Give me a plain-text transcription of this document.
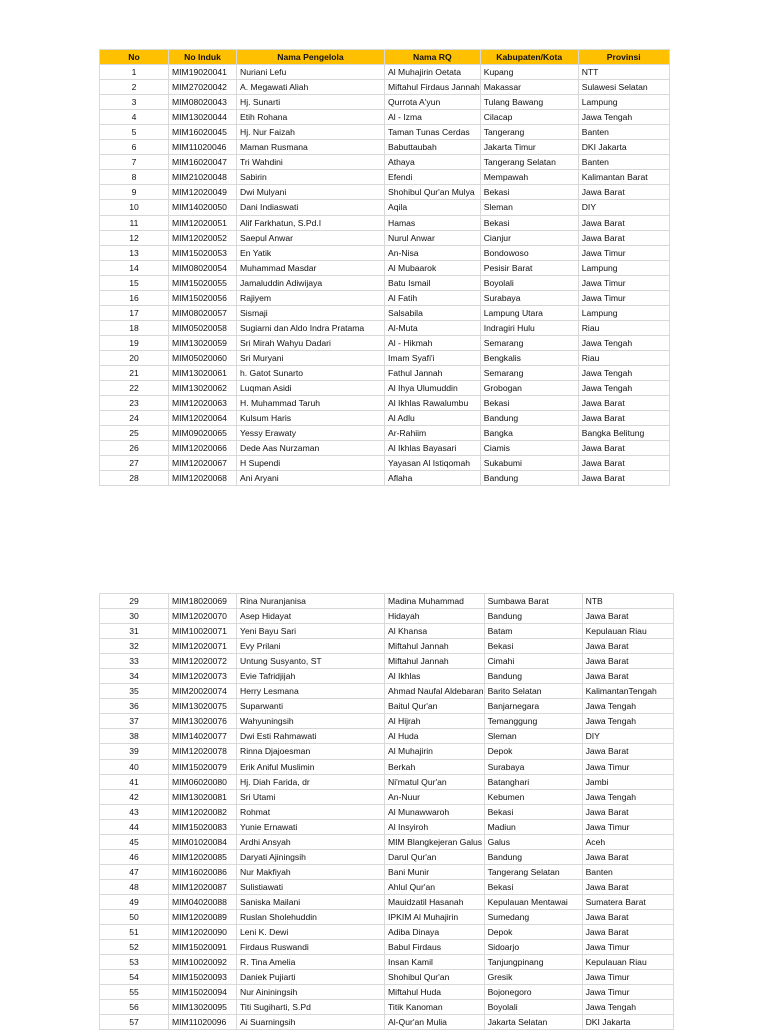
No	No Induk	Nama Pengelola	Nama RQ	Kabupaten/Kota	Provinsi
1	MIM19020041	Nuriani Lefu	Al Muhajirin Oetata	Kupang	NTT
2	MIM27020042	A. Megawati Aliah	Miftahul Firdaus Jannah	Makassar	Sulawesi Selatan
3	MIM08020043	Hj. Sunarti	Qurrota A'yun	Tulang Bawang	Lampung
4	MIM13020044	Etih Rohana	Al - Izma	Cilacap	Jawa Tengah
5	MIM16020045	Hj. Nur Faizah	Taman Tunas Cerdas	Tangerang	Banten
6	MIM11020046	Maman Rusmana	Babuttaubah	Jakarta Timur	DKI Jakarta
7	MIM16020047	Tri Wahdini	Athaya	Tangerang Selatan	Banten
8	MIM21020048	Sabirin	Efendi	Mempawah	Kalimantan Barat
9	MIM12020049	Dwi Mulyani	Shohibul Qur'an Mulya	Bekasi	Jawa Barat
10	MIM14020050	Dani Indiaswati	Aqila	Sleman	DIY
11	MIM12020051	Alif Farkhatun, S.Pd.I	Hamas	Bekasi	Jawa Barat
12	MIM12020052	Saepul Anwar	Nurul Anwar	Cianjur	Jawa Barat
13	MIM15020053	En Yatik	An-Nisa	Bondowoso	Jawa Timur
14	MIM08020054	Muhammad Masdar	Al Mubaarok	Pesisir Barat	Lampung
15	MIM15020055	Jamaluddin Adiwijaya	Batu Ismail	Boyolali	Jawa Timur
16	MIM15020056	Rajiyem	Al Fatih	Surabaya	Jawa Timur
17	MIM08020057	Sismaji	Salsabila	Lampung Utara	Lampung
18	MIM05020058	Sugiarni dan Aldo Indra Pratama	Al-Muta	Indragiri Hulu	Riau
19	MIM13020059	Sri Mirah Wahyu Dadari	Al - Hikmah	Semarang	Jawa Tengah
20	MIM05020060	Sri Muryani	Imam Syafi'i	Bengkalis	Riau
21	MIM13020061	h. Gatot Sunarto	Fathul Jannah	Semarang	Jawa Tengah
22	MIM13020062	Luqman Asidi	Al Ihya Ulumuddin	Grobogan	Jawa Tengah
23	MIM12020063	H. Muhammad Taruh	Al Ikhlas Rawalumbu	Bekasi	Jawa Barat
24	MIM12020064	Kulsum Haris	Al Adlu	Bandung	Jawa Barat
25	MIM09020065	Yessy Erawaty	Ar-Rahiim	Bangka	Bangka Belitung
26	MIM12020066	Dede Aas Nurzaman	Al Ikhlas Bayasari	Ciamis	Jawa Barat
27	MIM12020067	H Supendi	Yayasan Al Istiqomah	Sukabumi	Jawa Barat
28	MIM12020068	Ani Aryani	Aflaha	Bandung	Jawa Barat
29	MIM18020069	Rina Nuranjanisa	Madina Muhammad	Sumbawa Barat	NTB
30	MIM12020070	Asep Hidayat	Hidayah	Bandung	Jawa Barat
31	MIM10020071	Yeni Bayu Sari	Al Khansa	Batam	Kepulauan Riau
32	MIM12020071	Evy Prilani	Miftahul Jannah	Bekasi	Jawa Barat
33	MIM12020072	Untung Susyanto, ST	Miftahul Jannah	Cimahi	Jawa Barat
34	MIM12020073	Evie Tafridjijah	Al Ikhlas	Bandung	Jawa Barat
35	MIM20020074	Herry Lesmana	Ahmad Naufal Aldebaran	Barito Selatan	KalimantanTengah
36	MIM13020075	Suparwanti	Baitul Qur'an	Banjarnegara	Jawa Tengah
37	MIM13020076	Wahyuningsih	Al Hijrah	Temanggung	Jawa Tengah
38	MIM14020077	Dwi Esti Rahmawati	Al Huda	Sleman	DIY
39	MIM12020078	Rinna Djajoesman	Al Muhajirin	Depok	Jawa Barat
40	MIM15020079	Erik Aniful Muslimin	Berkah	Surabaya	Jawa Timur
41	MIM06020080	Hj. Diah Farida, dr	Ni'matul Qur'an	Batanghari	Jambi
42	MIM13020081	Sri Utami	An-Nuur	Kebumen	Jawa Tengah
43	MIM12020082	Rohmat	Al Munawwaroh	Bekasi	Jawa Barat
44	MIM15020083	Yunie Ernawati	Al Insyiroh	Madiun	Jawa Timur
45	MIM01020084	Ardhi Ansyah	MIM Blangkejeran Galus	Galus	Aceh
46	MIM12020085	Daryati Ajiningsih	Darul Qur'an	Bandung	Jawa Barat
47	MIM16020086	Nur Makfiyah	Bani Munir	Tangerang Selatan	Banten
48	MIM12020087	Sulistiawati	Ahlul Qur'an	Bekasi	Jawa Barat
49	MIM04020088	Saniska Mailani	Mauidzatil Hasanah	Kepulauan Mentawai	Sumatera Barat
50	MIM12020089	Ruslan Sholehuddin	IPKIM Al Muhajirin	Sumedang	Jawa Barat
51	MIM12020090	Leni K. Dewi	Adiba Dinaya	Depok	Jawa Barat
52	MIM15020091	Firdaus Ruswandi	Babul Firdaus	Sidoarjo	Jawa Timur
53	MIM10020092	R. Tina Amelia	Insan Kamil	Tanjungpinang	Kepulauan Riau
54	MIM15020093	Daniek Pujiarti	Shohibul Qur'an	Gresik	Jawa Timur
55	MIM15020094	Nur Aininingsih	Miftahul Huda	Bojonegoro	Jawa Timur
56	MIM13020095	Titi Sugiharti, S.Pd	Titik Kanoman	Boyolali	Jawa Tengah
57	MIM11020096	Ai Suarningsih	Al-Qur'an Mulia	Jakarta Selatan	DKI Jakarta
